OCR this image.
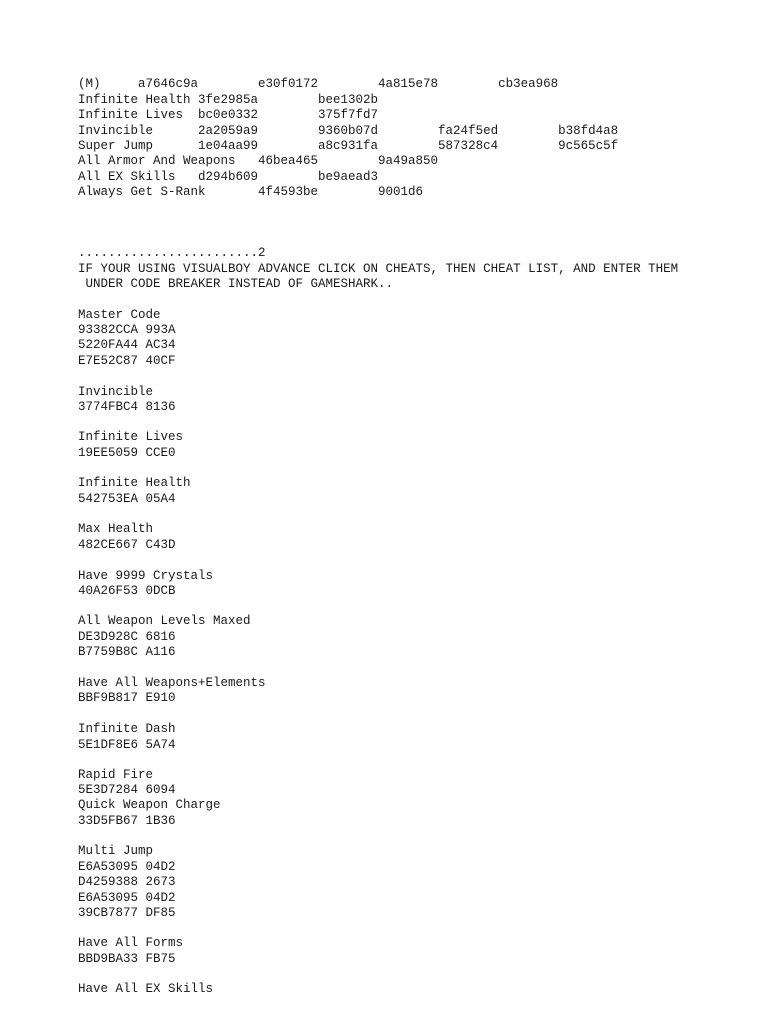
(M)     a7646c9a        e30f0172        4a815e78        cb3ea968
Infinite Health 3fe2985a        bee1302b
Infinite Lives  bc0e0332        375f7fd7
Invincible      2a2059a9        9360b07d        fa24f5ed        b38fd4a8
Super Jump      1e04aa99        a8c931fa        587328c4        9c565c5f
All Armor And Weapons   46bea465        9a49a850
All EX Skills   d294b609        be9aead3
Always Get S-Rank       4f4593be        9001d6
........................2
IF YOUR USING VISUALBOY ADVANCE CLICK ON CHEATS, THEN CHEAT LIST, AND ENTER THEM
UNDER CODE BREAKER INSTEAD OF GAMESHARK..
Master Code
93382CCA 993A
5220FA44 AC34
E7E52C87 40CF
Invincible
3774FBC4 8136
Infinite Lives
19EE5059 CCE0
Infinite Health
542753EA 05A4
Max Health
482CE667 C43D
Have 9999 Crystals
40A26F53 0DCB
All Weapon Levels Maxed
DE3D928C 6816
B7759B8C A116
Have All Weapons+Elements
BBF9B817 E910
Infinite Dash
5E1DF8E6 5A74
Rapid Fire
5E3D7284 6094
Quick Weapon Charge
33D5FB67 1B36
Multi Jump
E6A53095 04D2
D4259388 2673
E6A53095 04D2
39CB7877 DF85
Have All Forms
BBD9BA33 FB75
Have All EX Skills
